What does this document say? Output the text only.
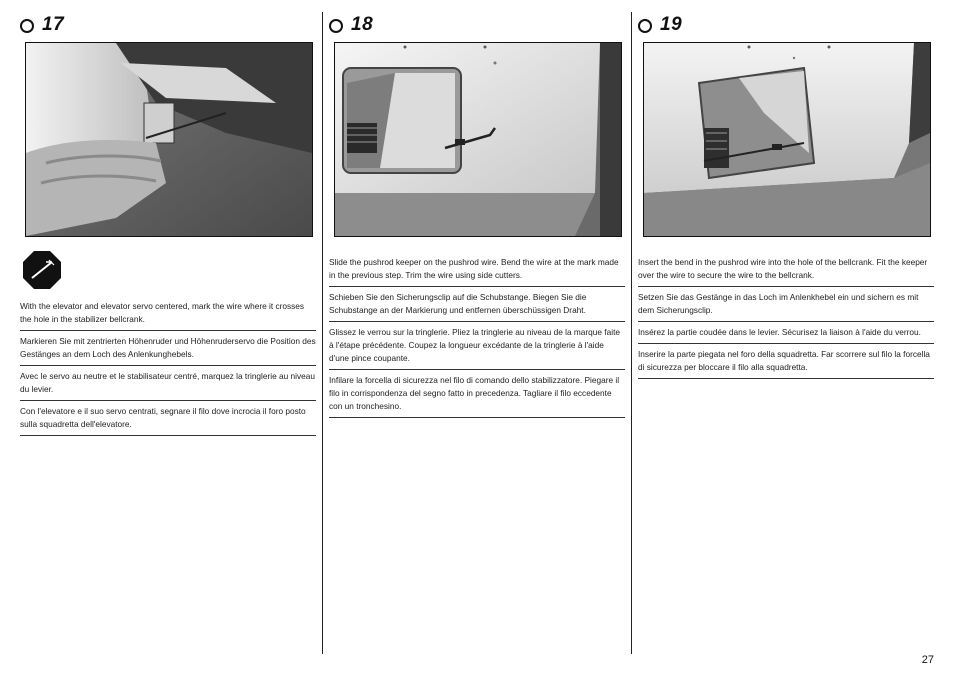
17
With the elevator and elevator servo centered, mark the wire where it crosses the hole in the stabilizer bellcrank.
Markieren Sie mit zentrierten Höhenruder und Höhenruderservo die Position des Gestänges an dem Loch des Anlenkunghebels.
Avec le servo au neutre et le stabilisateur centré, marquez la tringlerie au niveau du levier.
Con l'elevatore e il suo servo centrati, segnare il filo dove incrocia il foro posto sulla squadretta dell'elevatore.
18
Slide the pushrod keeper on the pushrod wire. Bend the wire at the mark made in the previous step. Trim the wire using side cutters.
Schieben Sie den Sicherungsclip auf die Schubstange. Biegen Sie die Schubstange an der Markierung und entfernen überschüssigen Draht.
Glissez le verrou sur la tringlerie. Pliez la tringlerie au niveau de la marque faite à l'étape précédente. Coupez la longueur excédante de la tringlerie à l'aide d'une pince coupante.
Infilare la forcella di sicurezza nel filo di comando dello stabilizzatore. Piegare il filo in corrispondenza del segno fatto in precedenza. Tagliare il filo eccedente con un tronchesino.
19
Insert the bend in the pushrod wire into the hole of the bellcrank. Fit the keeper over the wire to secure the wire to the bellcrank.
Setzen Sie das Gestänge in das Loch im Anlenkhebel ein und sichern es mit dem Sicherungsclip.
Insérez la partie coudée dans le levier. Sécurisez la liaison à l'aide du verrou.
Inserire la parte piegata nel foro della squadretta. Far scorrere sul filo la forcella di sicurezza per bloccare il filo alla squadretta.
27
